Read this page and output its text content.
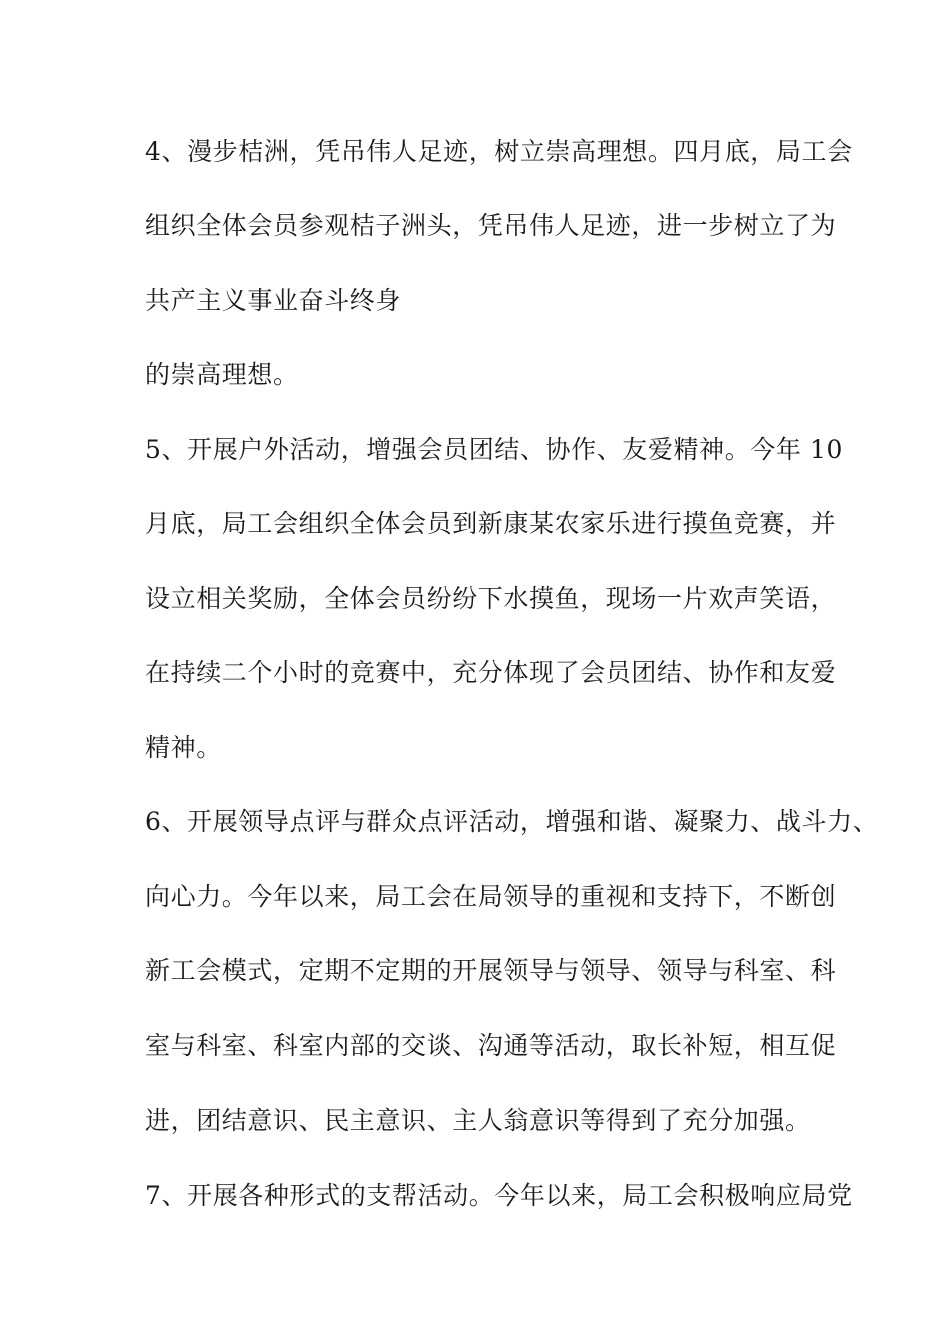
4、漫步桔洲，凭吊伟人足迹，树立崇高理想。四月底，局工会
组织全体会员参观桔子洲头，凭吊伟人足迹，进一步树立了为
共产主义事业奋斗终身
的崇高理想。
5、开展户外活动，增强会员团结、协作、友爱精神。今年 10
月底，局工会组织全体会员到新康某农家乐进行摸鱼竞赛，并
设立相关奖励，全体会员纷纷下水摸鱼，现场一片欢声笑语，
在持续二个小时的竞赛中，充分体现了会员团结、协作和友爱
精神。
6、开展领导点评与群众点评活动，增强和谐、凝聚力、战斗力、
向心力。今年以来，局工会在局领导的重视和支持下，不断创
新工会模式，定期不定期的开展领导与领导、领导与科室、科
室与科室、科室内部的交谈、沟通等活动，取长补短，相互促
进，团结意识、民主意识、主人翁意识等得到了充分加强。
7、开展各种形式的支帮活动。今年以来，局工会积极响应局党
